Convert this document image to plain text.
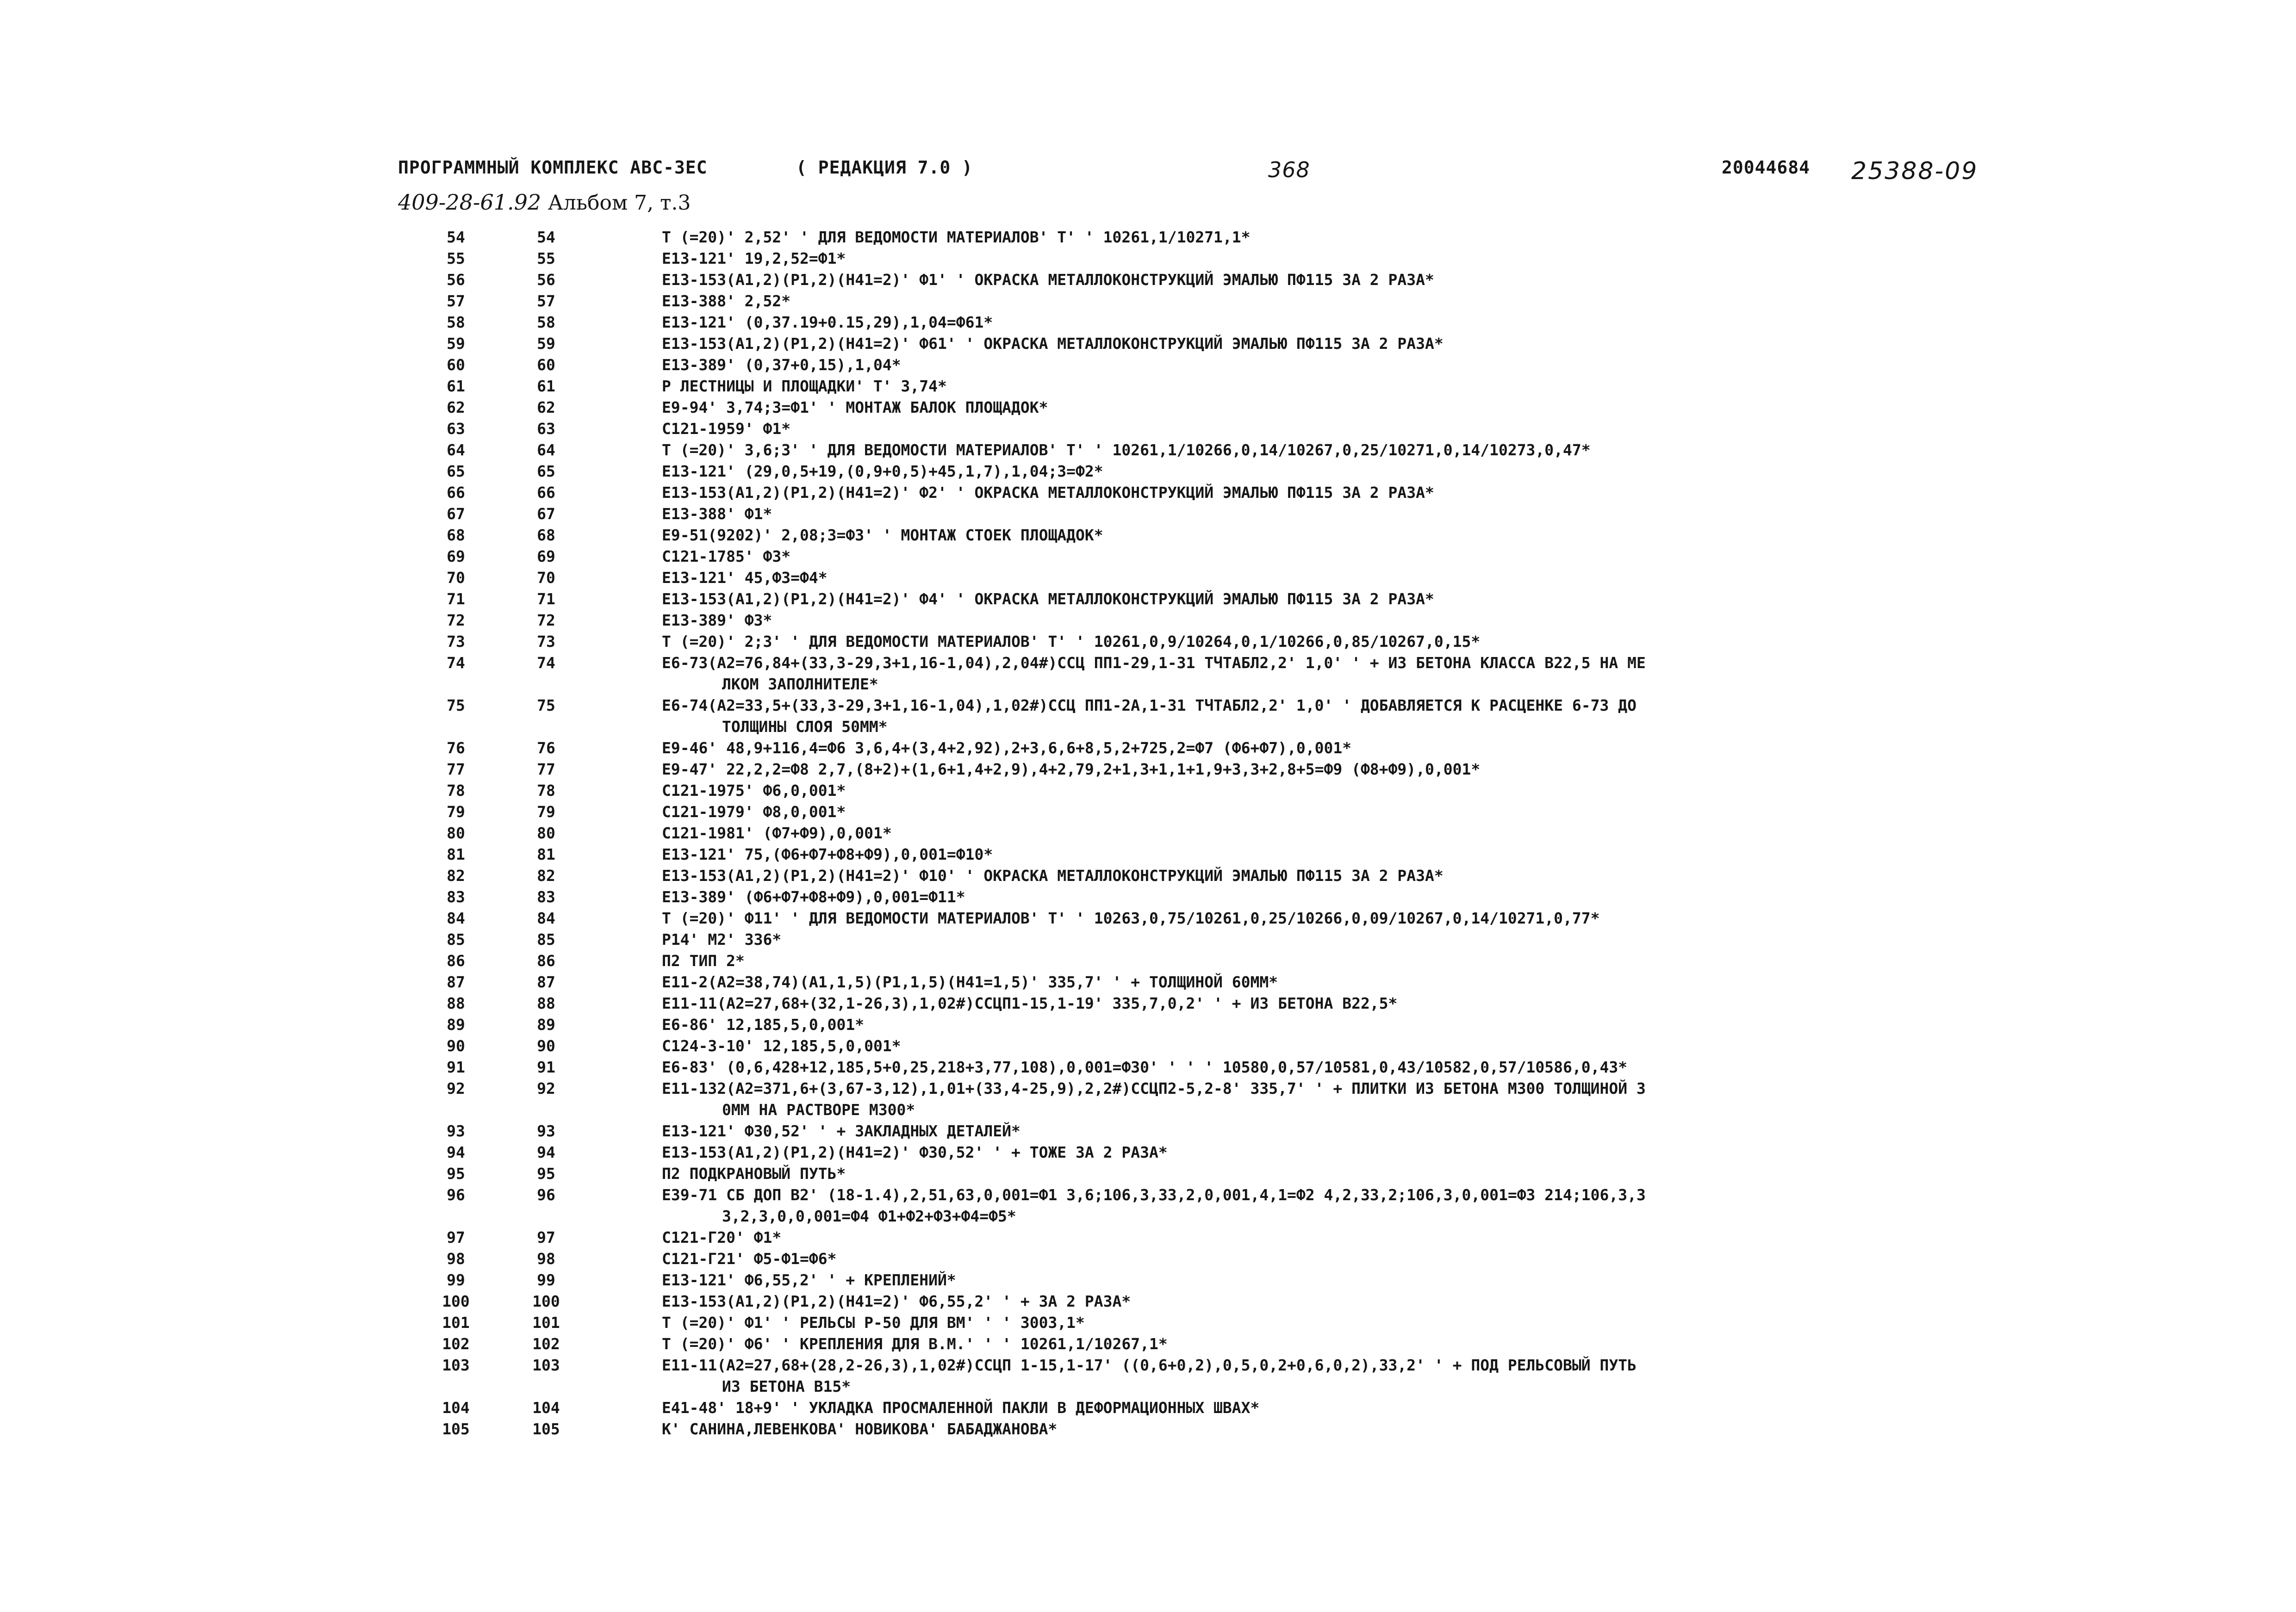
ПРОГРАММНЫЙ КОМПЛЕКС АВС-3ЕС	( РЕДАКЦИЯ 7.0 )	368	20044684 25388-09
409-28-61.92 Альбом 7, т.3
54	54	Т (=20)' 2,52' ' ДЛЯ ВЕДОМОСТИ МАТЕРИАЛОВ' Т' ' 10261,1/10271,1*
55	55	Е13-121' 19,2,52=Ф1*
56	56	Е13-153(А1,2)(Р1,2)(Н41=2)' Ф1' ' ОКРАСКА МЕТАЛЛОКОНСТРУКЦИЙ ЭМАЛЬЮ ПФ115 ЗА 2 РАЗА*
57	57	Е13-388' 2,52*
58	58	Е13-121' (0,37.19+0.15,29),1,04=Ф61*
59	59	Е13-153(А1,2)(Р1,2)(Н41=2)' Ф61' ' ОКРАСКА МЕТАЛЛОКОНСТРУКЦИЙ ЭМАЛЬЮ ПФ115 ЗА 2 РАЗА*
60	60	Е13-389' (0,37+0,15),1,04*
61	61	Р ЛЕСТНИЦЫ И ПЛОЩАДКИ' Т' 3,74*
62	62	Е9-94' 3,74;3=Ф1' ' МОНТАЖ БАЛОК ПЛОЩАДОК*
63	63	С121-1959' Ф1*
64	64	Т (=20)' 3,6;3' ' ДЛЯ ВЕДОМОСТИ МАТЕРИАЛОВ' Т' ' 10261,1/10266,0,14/10267,0,25/10271,0,14/10273,0,47*
65	65	Е13-121' (29,0,5+19,(0,9+0,5)+45,1,7),1,04;3=Ф2*
66	66	Е13-153(А1,2)(Р1,2)(Н41=2)' Ф2' ' ОКРАСКА МЕТАЛЛОКОНСТРУКЦИЙ ЭМАЛЬЮ ПФ115 ЗА 2 РАЗА*
67	67	Е13-388' Ф1*
68	68	Е9-51(9202)' 2,08;3=Ф3' ' МОНТАЖ СТОЕК ПЛОЩАДОК*
69	69	С121-1785' Ф3*
70	70	Е13-121' 45,Ф3=Ф4*
71	71	Е13-153(А1,2)(Р1,2)(Н41=2)' Ф4' ' ОКРАСКА МЕТАЛЛОКОНСТРУКЦИЙ ЭМАЛЬЮ ПФ115 ЗА 2 РАЗА*
72	72	Е13-389' Ф3*
73	73	Т (=20)' 2;3' ' ДЛЯ ВЕДОМОСТИ МАТЕРИАЛОВ' Т' ' 10261,0,9/10264,0,1/10266,0,85/10267,0,15*
74	74	Е6-73(А2=76,84+(33,3-29,3+1,16-1,04),2,04#)ССЦ ПП1-29,1-31 ТЧТАБЛ2,2' 1,0' ' + ИЗ БЕТОНА КЛАССА В22,5 НА МЕ
ЛКОМ ЗАПОЛНИТЕЛЕ*
75	75	Е6-74(А2=33,5+(33,3-29,3+1,16-1,04),1,02#)ССЦ ПП1-2А,1-31 ТЧТАБЛ2,2' 1,0' ' ДОБАВЛЯЕТСЯ К РАСЦЕНКЕ 6-73 ДО
ТОЛЩИНЫ СЛОЯ 50ММ*
76	76	Е9-46' 48,9+116,4=Ф6 3,6,4+(3,4+2,92),2+3,6,6+8,5,2+725,2=Ф7 (Ф6+Ф7),0,001*
77	77	Е9-47' 22,2,2=Ф8 2,7,(8+2)+(1,6+1,4+2,9),4+2,79,2+1,3+1,1+1,9+3,3+2,8+5=Ф9 (Ф8+Ф9),0,001*
78	78	С121-1975' Ф6,0,001*
79	79	С121-1979' Ф8,0,001*
80	80	С121-1981' (Ф7+Ф9),0,001*
81	81	Е13-121' 75,(Ф6+Ф7+Ф8+Ф9),0,001=Ф10*
82	82	Е13-153(А1,2)(Р1,2)(Н41=2)' Ф10' ' ОКРАСКА МЕТАЛЛОКОНСТРУКЦИЙ ЭМАЛЬЮ ПФ115 ЗА 2 РАЗА*
83	83	Е13-389' (Ф6+Ф7+Ф8+Ф9),0,001=Ф11*
84	84	Т (=20)' Ф11' ' ДЛЯ ВЕДОМОСТИ МАТЕРИАЛОВ' Т' ' 10263,0,75/10261,0,25/10266,0,09/10267,0,14/10271,0,77*
85	85	Р14' М2' 336*
86	86	П2 ТИП 2*
87	87	Е11-2(А2=38,74)(А1,1,5)(Р1,1,5)(Н41=1,5)' 335,7' ' + ТОЛЩИНОЙ 60ММ*
88	88	Е11-11(А2=27,68+(32,1-26,3),1,02#)ССЦП1-15,1-19' 335,7,0,2' ' + ИЗ БЕТОНА В22,5*
89	89	Е6-86' 12,185,5,0,001*
90	90	С124-3-10' 12,185,5,0,001*
91	91	Е6-83' (0,6,428+12,185,5+0,25,218+3,77,108),0,001=Ф30' ' ' ' 10580,0,57/10581,0,43/10582,0,57/10586,0,43*
92	92	Е11-132(А2=371,6+(3,67-3,12),1,01+(33,4-25,9),2,2#)ССЦП2-5,2-8' 335,7' ' + ПЛИТКИ ИЗ БЕТОНА М300 ТОЛЩИНОЙ 3
0ММ НА РАСТВОРЕ М300*
93	93	Е13-121' Ф30,52' ' + ЗАКЛАДНЫХ ДЕТАЛЕЙ*
94	94	Е13-153(А1,2)(Р1,2)(Н41=2)' Ф30,52' ' + ТОЖЕ ЗА 2 РАЗА*
95	95	П2 ПОДКРАНОВЫЙ ПУТЬ*
96	96	Е39-71 СБ ДОП В2' (18-1.4),2,51,63,0,001=Ф1 3,6;106,3,33,2,0,001,4,1=Ф2 4,2,33,2;106,3,0,001=Ф3 214;106,3,3
3,2,3,0,0,001=Ф4 Ф1+Ф2+Ф3+Ф4=Ф5*
97	97	С121-Г20' Ф1*
98	98	С121-Г21' Ф5-Ф1=Ф6*
99	99	Е13-121' Ф6,55,2' ' + КРЕПЛЕНИЙ*
100	100	Е13-153(А1,2)(Р1,2)(Н41=2)' Ф6,55,2' ' + ЗА 2 РАЗА*
101	101	Т (=20)' Ф1' ' РЕЛЬСЫ Р-50 ДЛЯ ВМ' ' ' 3003,1*
102	102	Т (=20)' Ф6' ' КРЕПЛЕНИЯ ДЛЯ В.М.' ' ' 10261,1/10267,1*
103	103	Е11-11(А2=27,68+(28,2-26,3),1,02#)ССЦП 1-15,1-17' ((0,6+0,2),0,5,0,2+0,6,0,2),33,2' ' + ПОД РЕЛЬСОВЫЙ ПУТЬ
ИЗ БЕТОНА В15*
104	104	Е41-48' 18+9' ' УКЛАДКА ПРОСМАЛЕННОЙ ПАКЛИ В ДЕФОРМАЦИОННЫХ ШВАХ*
105	105	К' САНИНА,ЛЕВЕНКОВА' НОВИКОВА' БАБАДЖАНОВА*
